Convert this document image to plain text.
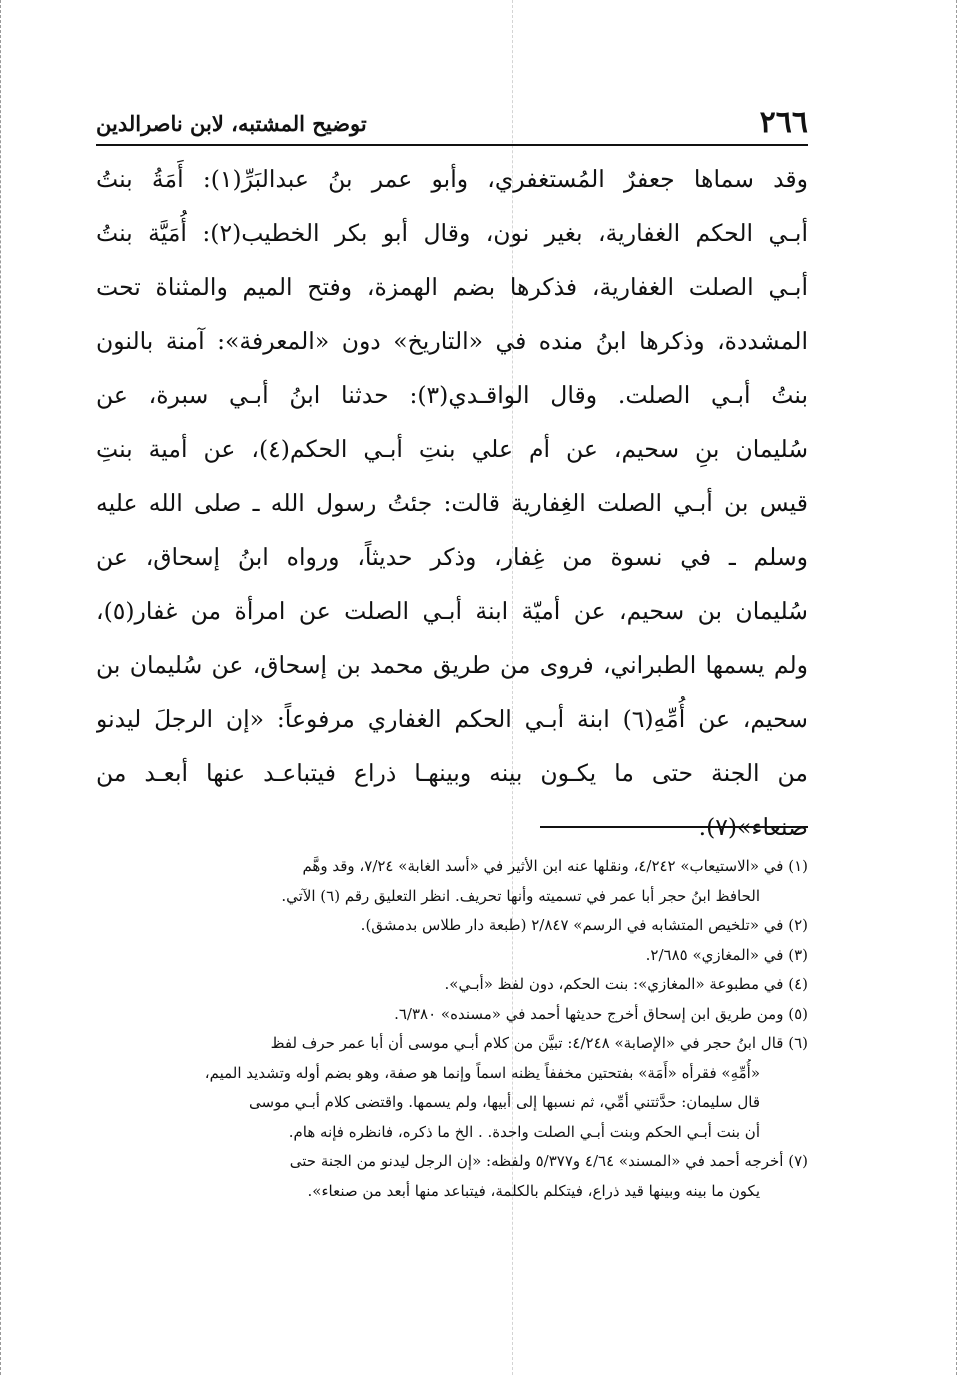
٢٦٦
توضيح المشتبه، لابن ناصرالدين
وقد سماها جعفرٌ المُستغفري، وأبو عمر بنُ عبدالبَرِّ(١): أَمَةُ بنتُ
أبـي الحكم الغفارية، بغير نون، وقال أبو بكر الخطيب(٢): أُمَيَّة بنتُ
أبـي الصلت الغفارية، فذكرها بضم الهمزة، وفتح الميم والمثناة تحت
المشددة، وذكرها ابنُ منده في «التاريخ» دون «المعرفة»: آمنة بالنون
بنتُ أبـي الصلت. وقال الواقـدي(٣): حدثنا ابنُ أبـي سبرة، عن
سُليمان بنِ سحيم، عن أم علي بنتِ أبـي الحكم(٤)، عن أمية بنتِ
قيس بن أبـي الصلت الغِفارية قالت: جئتُ رسول الله ـ صلى الله عليه
وسلم ـ في نسوة من غِفار، وذكر حديثاً، ورواه ابنُ إسحاق، عن
سُليمان بن سحيم، عن أميّة ابنة أبـي الصلت عن امرأة من غفار(٥)،
ولم يسمها الطبراني، فروى من طريق محمد بن إسحاق، عن سُليمان بن
سحيم، عن أُمِّهِ(٦) ابنة أبـي الحكم الغفاري مرفوعاً: «إن الرجلَ ليدنو
من الجنة حتى ما يكـون بينه وبينهـا ذراع فيتباعـد عنها أبعـد من
صنعاء»(٧).
(١) في «الاستيعاب» ٤/٢٤٢، ونقلها عنه ابن الأثير في «أسد الغابة» ٧/٢٤، وقد وهَّم
الحافظ ابنُ حجر أبا عمر في تسميته وأنها تحريف. انظر التعليق رقم (٦) الآتي.
(٢) في «تلخيص المتشابه في الرسم» ٢/٨٤٧ (طبعة دار طلاس بدمشق).
(٣) في «المغازي» ٢/٦٨٥.
(٤) في مطبوعة «المغازي»: بنت الحكم، دون لفظ «أبـي».
(٥) ومن طريق ابن إسحاق أخرج حديثها أحمد في «مسنده» ٦/٣٨٠.
(٦) قال ابنُ حجر في «الإصابة» ٤/٢٤٨: تبيَّن من كلام أبـي موسى أن أبا عمر حرف لفظ
«أُمِّهِ» فقرأه «أَمَة» بفتحتين مخففاً يظنه اسماً وإنما هو صفة، وهو بضم أوله وتشديد الميم،
قال سليمان: حدَّثتني أمِّي، ثم نسبها إلى أبيها، ولم يسمها. واقتضى كلام أبـي موسى
أن بنت أبـي الحكم وبنت أبـي الصلت واحدة. . الخ ما ذكره، فانظره فإنه هام.
(٧) أخرجه أحمد في «المسند» ٤/٦٤ و٥/٣٧٧ ولفظه: «إن الرجل ليدنو من الجنة حتى
يكون ما بينه وبينها قيد ذراع، فيتكلم بالكلمة، فيتباعد منها أبعد من صنعاء».
